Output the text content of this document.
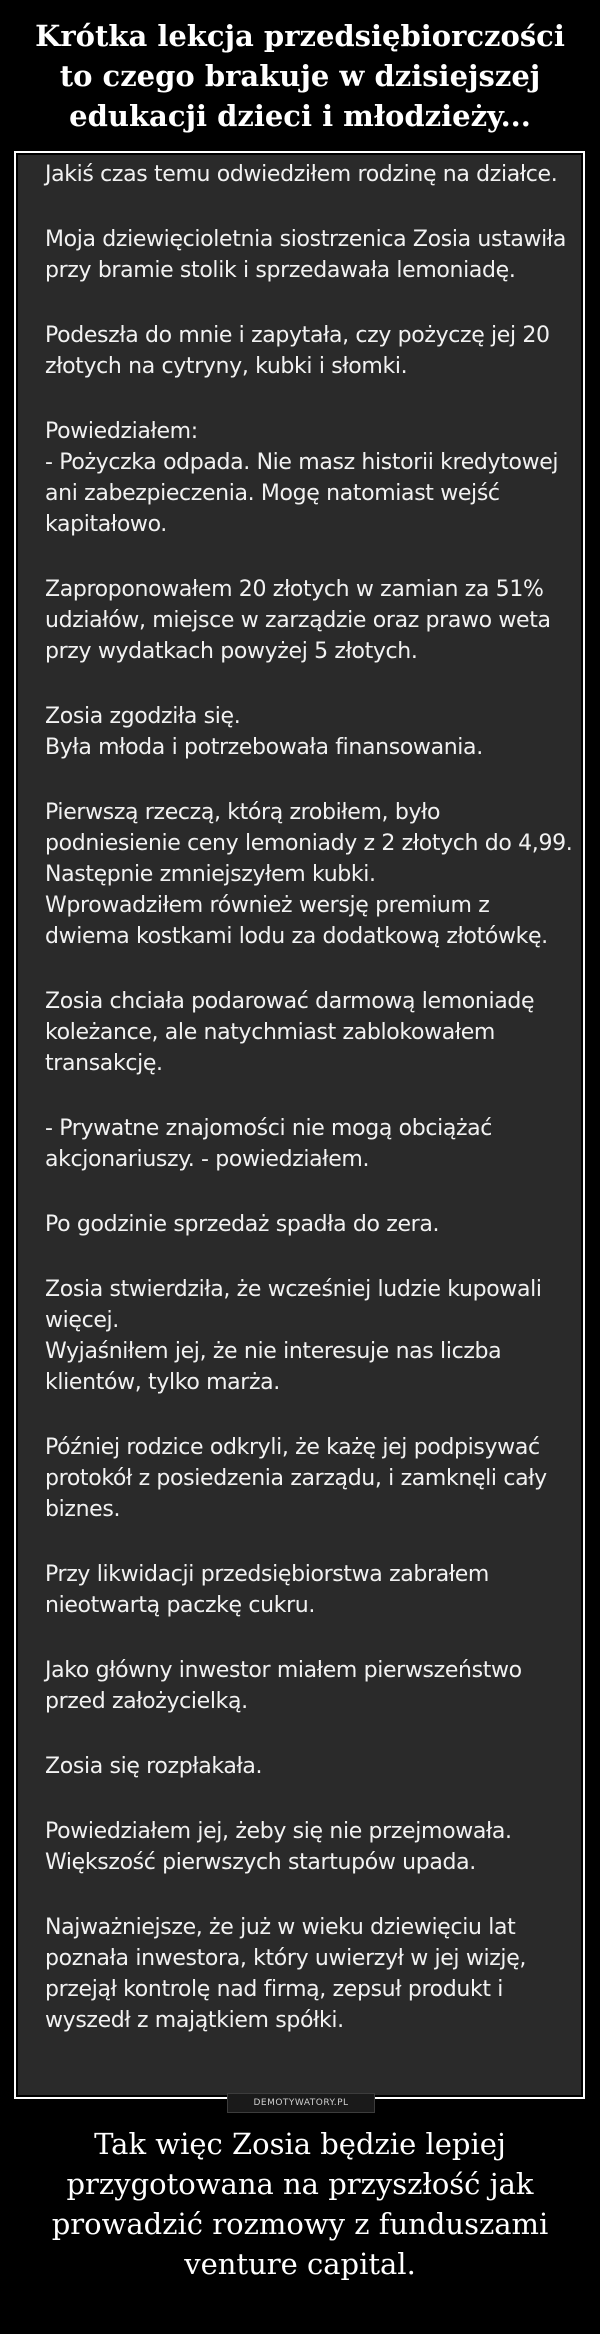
Krótka lekcja przedsiębiorczości to czego brakuje w dzisiejszej edukacji dzieci i młodzieży...

Jakiś czas temu odwiedziłem rodzinę na działce.

Moja dziewięcioletnia siostrzenica Zosia ustawiła przy bramie stolik i sprzedawała lemoniadę.

Podeszła do mnie i zapytała, czy pożyczę jej 20 złotych na cytryny, kubki i słomki.

Powiedziałem:
- Pożyczka odpada. Nie masz historii kredytowej ani zabezpieczenia. Mogę natomiast wejść kapitałowo.

Zaproponowałem 20 złotych w zamian za 51% udziałów, miejsce w zarządzie oraz prawo weta przy wydatkach powyżej 5 złotych.

Zosia zgodziła się.
Była młoda i potrzebowała finansowania.

Pierwszą rzeczą, którą zrobiłem, było podniesienie ceny lemoniady z 2 złotych do 4,99.
Następnie zmniejszyłem kubki.
Wprowadziłem również wersję premium z dwiema kostkami lodu za dodatkową złotówkę.

Zosia chciała podarować darmową lemoniadę koleżance, ale natychmiast zablokowałem transakcję.

- Prywatne znajomości nie mogą obciążać akcjonariuszy. - powiedziałem.

Po godzinie sprzedaż spadła do zera.

Zosia stwierdziła, że wcześniej ludzie kupowali więcej.
Wyjaśniłem jej, że nie interesuje nas liczba klientów, tylko marża.

Później rodzice odkryli, że każę jej podpisywać protokół z posiedzenia zarządu, i zamknęli cały biznes.

Przy likwidacji przedsiębiorstwa zabrałem nieotwartą paczkę cukru.

Jako główny inwestor miałem pierwszeństwo przed założycielką.

Zosia się rozpłakała.

Powiedziałem jej, żeby się nie przejmowała. Większość pierwszych startupów upada.

Najważniejsze, że już w wieku dziewięciu lat poznała inwestora, który uwierzył w jej wizję, przejął kontrolę nad firmą, zepsuł produkt i wyszedł z majątkiem spółki.

DEMOTYWATORY.PL

Tak więc Zosia będzie lepiej przygotowana na przyszłość jak prowadzić rozmowy z funduszami venture capital.
